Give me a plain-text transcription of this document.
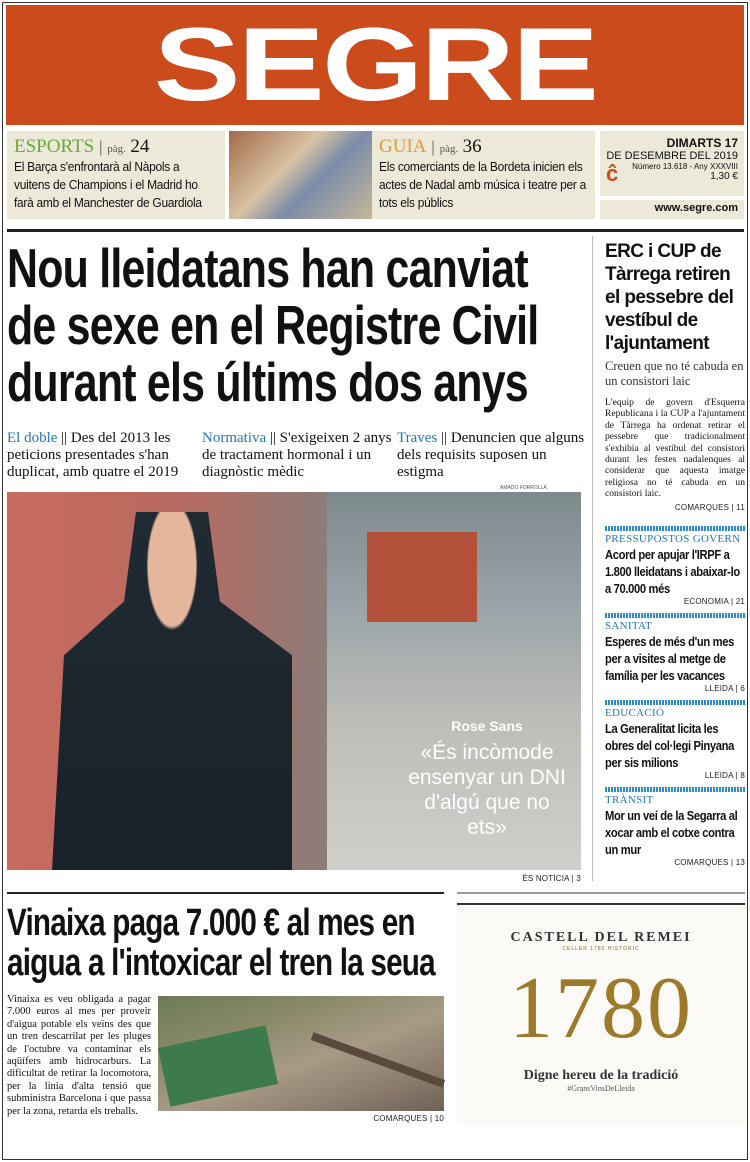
SEGRE
ESPORTS | pàg. 24

El Barça s'enfrontarà al Nàpols a vuitens de Champions i el Madrid ho farà amb el Manchester de Guardiola

GUIA | pàg. 36

Els comerciants de la Bordeta inicien els actes de Nadal amb música i teatre per a tots els públics

ĉ
DIMARTS 17
DE DESEMBRE DEL 2019
Número 13.618 - Any XXXVIII
1,30 €
www.segre.com
Nou lleidatans han canviat de sexe en el Registre Civil durant els últims dos anys
El doble || Des del 2013 les peticions presentades s'han duplicat, amb quatre el 2019
Normativa || S'exigeixen 2 anys de tractament hormonal i un diagnòstic mèdic
Traves || Denuncien que alguns dels requisits suposen un estigma
AMADO FORROLLA
Rose Sans
«És incòmode ensenyar un DNI d'algú que no ets»
ÉS NOTÍCIA | 3
ERC i CUP de Tàrrega retiren el pessebre del vestíbul de l'ajuntament
Creuen que no té cabuda en un consistori laic
L'equip de govern d'Esquerra Republicana i la CUP a l'ajuntament de Tàrrega ha ordenat retirar el pessebre que tradicionalment s'exhibia al vestíbul del consistori durant les festes nadalenques al considerar que aquesta imatge religiosa no té cabuda en un consistori laic.
COMARQUES | 11
PRESSUPOSTOS GOVERN
Acord per apujar l'IRPF a 1.800 lleidatans i abaixar-lo a 70.000 més
ECONOMIA | 21
SANITAT
Esperes de més d'un mes per a visites al metge de família per les vacances
LLEIDA | 6
EDUCACIÓ
La Generalitat licita les obres del col·legi Pinyana per sis milions
LLEIDA | 8
TRÀNSIT
Mor un veí de la Segarra al xocar amb el cotxe contra un mur
COMARQUES | 13
Vinaixa paga 7.000 € al mes en aigua a l'intoxicar el tren la seua
Vinaixa es veu obligada a pagar 7.000 euros al mes per proveir d'aigua potable els veïns des que un tren descarrilat per les pluges de l'octubre va contaminar els aqüífers amb hidrocarburs. La dificultat de retirar la locomotora, per la línia d'alta tensió que subministra Barcelona i que passa per la zona, retarda els treballs.
COMARQUES | 10
CASTELL DEL REMEI
CELLER 1780 HISTÒRIC
1780
Digne hereu de la tradició
#GransVinsDeLleida
